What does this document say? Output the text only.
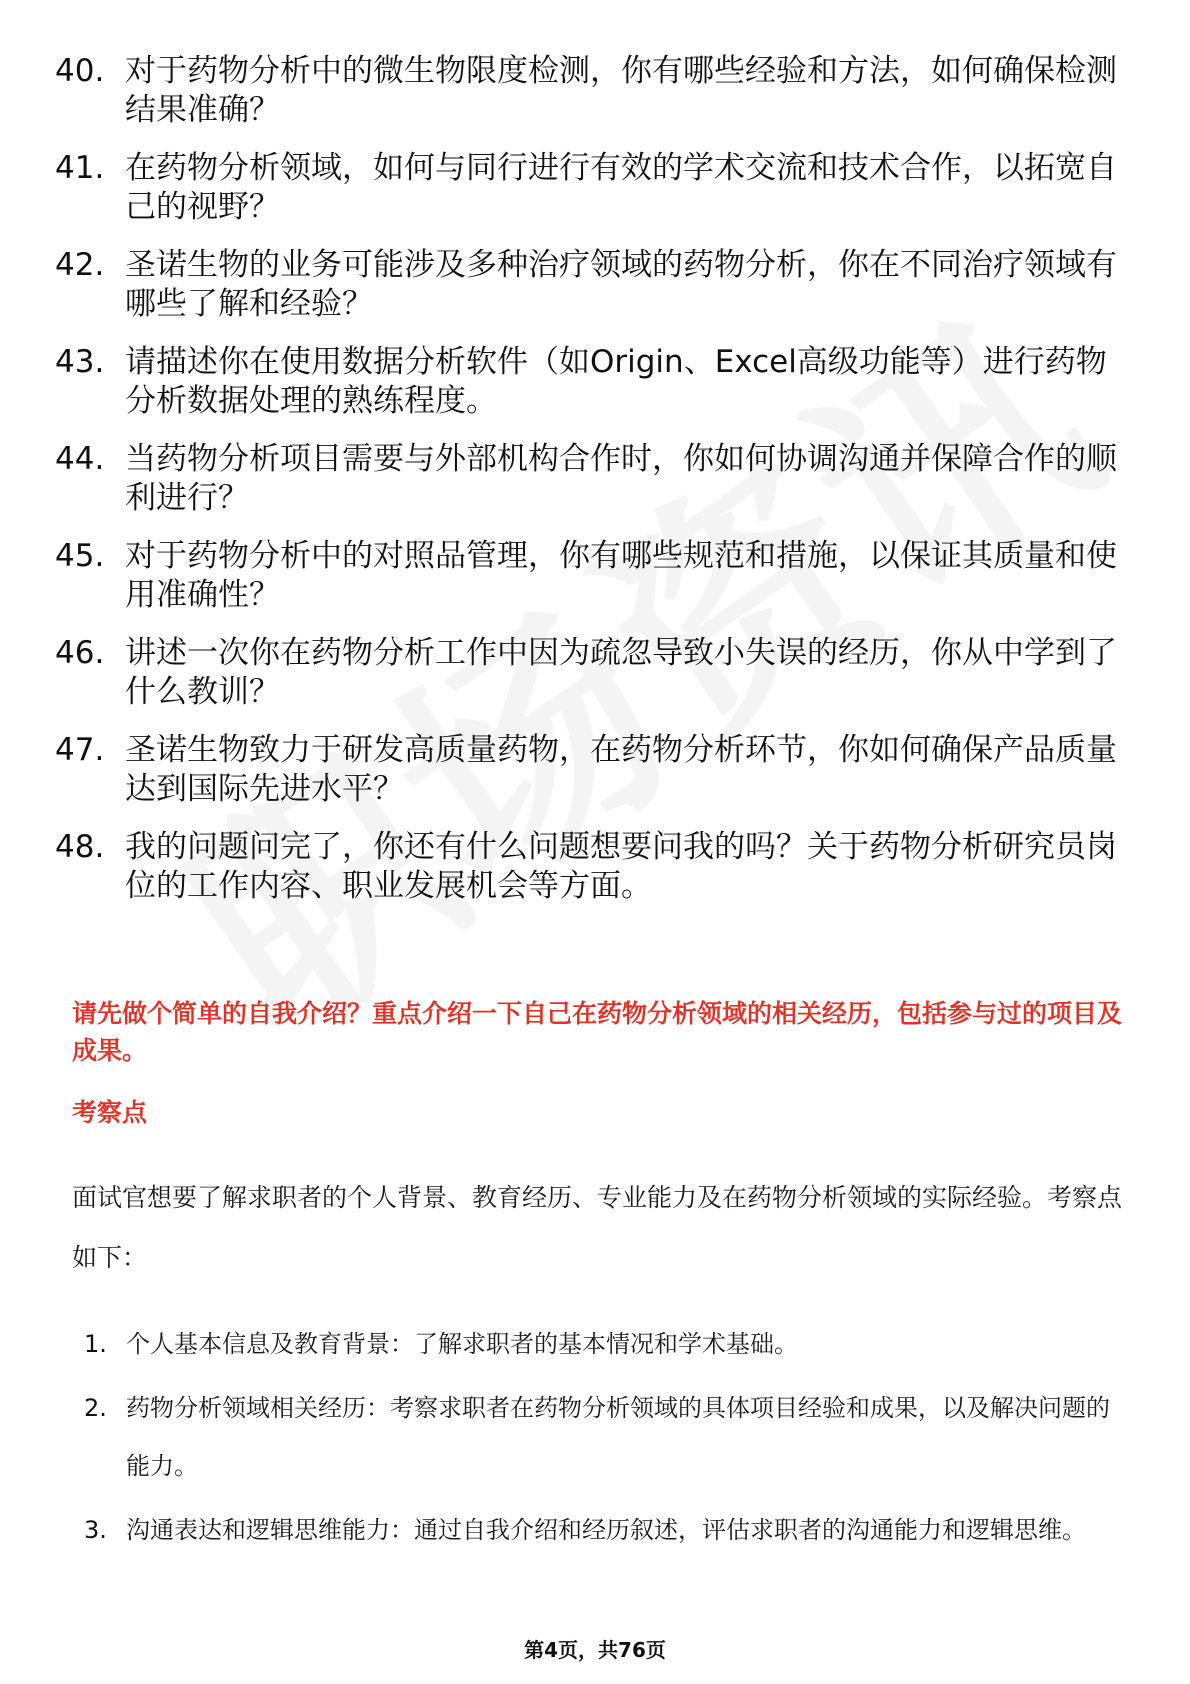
40. 对于药物分析中的微生物限度检测，你有哪些经验和方法，如何确保检测结果准确？
41. 在药物分析领域，如何与同行进行有效的学术交流和技术合作，以拓宽自己的视野？
42. 圣诺生物的业务可能涉及多种治疗领域的药物分析，你在不同治疗领域有哪些了解和经验？
43. 请描述你在使用数据分析软件（如Origin、Excel高级功能等）进行药物分析数据处理的熟练程度。
44. 当药物分析项目需要与外部机构合作时，你如何协调沟通并保障合作的顺利进行？
45. 对于药物分析中的对照品管理，你有哪些规范和措施，以保证其质量和使用准确性？
46. 讲述一次你在药物分析工作中因为疏忽导致小失误的经历，你从中学到了什么教训？
47. 圣诺生物致力于研发高质量药物，在药物分析环节，你如何确保产品质量达到国际先进水平？
48. 我的问题问完了，你还有什么问题想要问我的吗？关于药物分析研究员岗位的工作内容、职业发展机会等方面。

请先做个简单的自我介绍？重点介绍一下自己在药物分析领域的相关经历，包括参与过的项目及成果。

考察点

面试官想要了解求职者的个人背景、教育经历、专业能力及在药物分析领域的实际经验。考察点如下：

1. 个人基本信息及教育背景：了解求职者的基本情况和学术基础。
2. 药物分析领域相关经历：考察求职者在药物分析领域的具体项目经验和成果，以及解决问题的能力。
3. 沟通表达和逻辑思维能力：通过自我介绍和经历叙述，评估求职者的沟通能力和逻辑思维。
第4页，共76页
